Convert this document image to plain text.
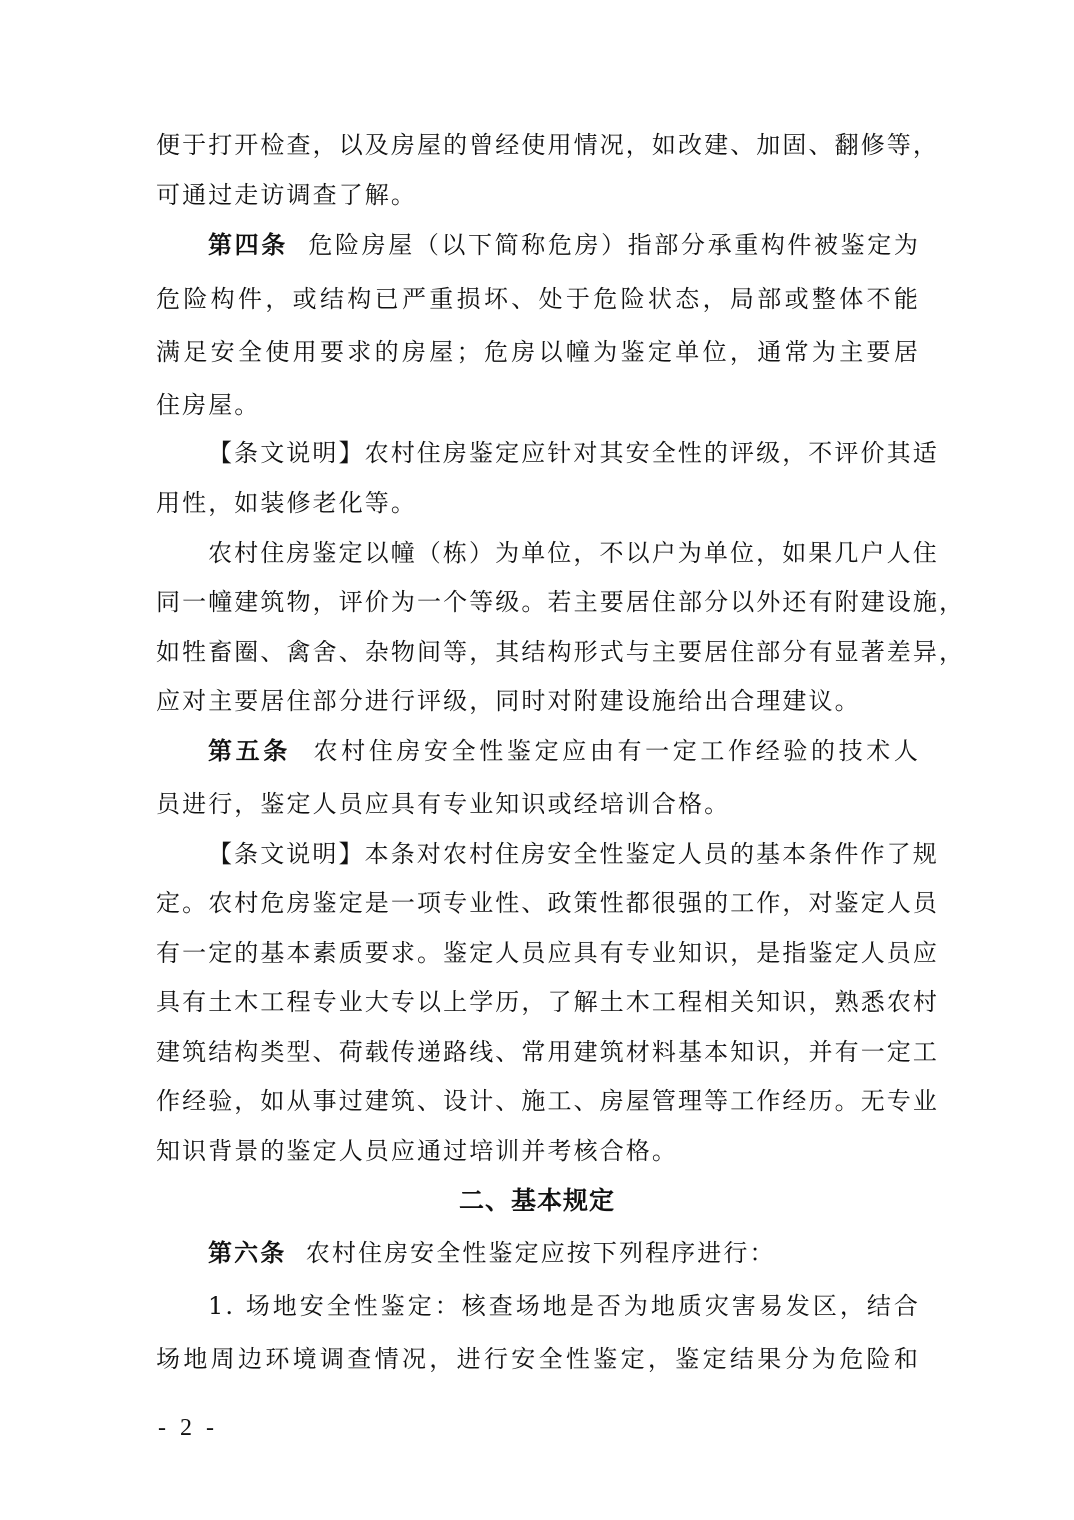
便于打开检查，以及房屋的曾经使用情况，如改建、加固、翻修等，
可通过走访调查了解。
第四条 危险房屋（以下简称危房）指部分承重构件被鉴定为
危险构件，或结构已严重损坏、处于危险状态，局部或整体不能
满足安全使用要求的房屋；危房以幢为鉴定单位，通常为主要居
住房屋。
【条文说明】农村住房鉴定应针对其安全性的评级，不评价其适
用性，如装修老化等。
农村住房鉴定以幢（栋）为单位，不以户为单位，如果几户人住
同一幢建筑物，评价为一个等级。若主要居住部分以外还有附建设施，
如牲畜圈、禽舍、杂物间等，其结构形式与主要居住部分有显著差异，
应对主要居住部分进行评级，同时对附建设施给出合理建议。
第五条 农村住房安全性鉴定应由有一定工作经验的技术人
员进行，鉴定人员应具有专业知识或经培训合格。
【条文说明】本条对农村住房安全性鉴定人员的基本条件作了规
定。农村危房鉴定是一项专业性、政策性都很强的工作，对鉴定人员
有一定的基本素质要求。鉴定人员应具有专业知识，是指鉴定人员应
具有土木工程专业大专以上学历，了解土木工程相关知识，熟悉农村
建筑结构类型、荷载传递路线、常用建筑材料基本知识，并有一定工
作经验，如从事过建筑、设计、施工、房屋管理等工作经历。无专业
知识背景的鉴定人员应通过培训并考核合格。
二、基本规定
第六条 农村住房安全性鉴定应按下列程序进行：
1. 场地安全性鉴定：核查场地是否为地质灾害易发区，结合
场地周边环境调查情况，进行安全性鉴定，鉴定结果分为危险和
- 2 -
